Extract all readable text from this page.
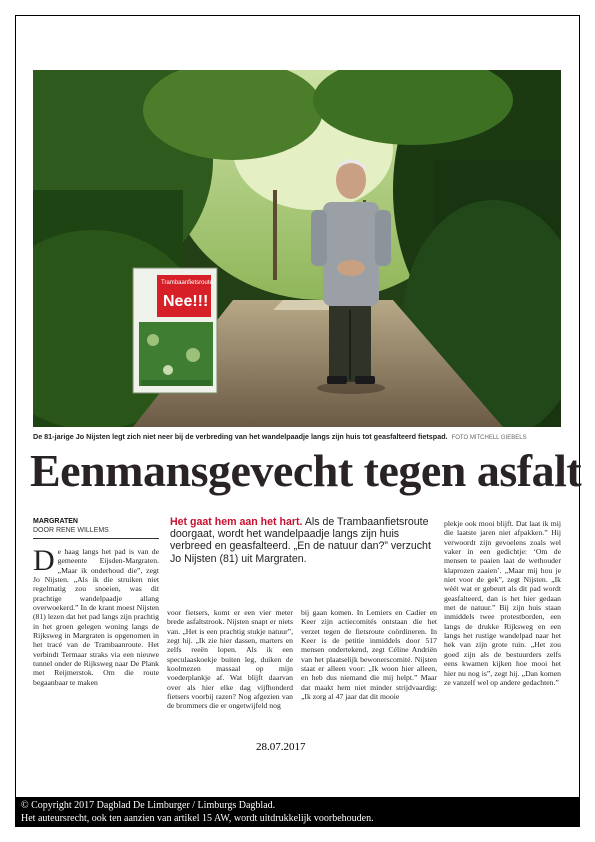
Trambaanfietsroute
Nee!!!
De 81-jarige Jo Nijsten legt zich niet neer bij de verbreding van het wandelpaadje langs zijn huis tot geasfalteerd fietspad. FOTO MITCHELL GIEBELS
Eenmansgevecht tegen asfalt
MARGRATEN
DOOR RENE WILLEMS
Het gaat hem aan het hart. Als de Trambaanfietsroute doorgaat, wordt het wandelpaadje langs zijn huis verbreed en geasfalteerd. „En de natuur dan?” verzucht Jo Nijsten (81) uit Margraten.
De haag langs het pad is van de gemeente Eijsden-Margraten. „Maar ik onderhoud die”, zegt Jo Nijsten. „Als ik die struiken niet regelmatig zou snoeien, was dit prachtige wandelpaadje allang overwoekerd.” In de krant moest Nijsten (81) lezen dat het pad langs zijn prachtig in het groen gelegen woning langs de Rijksweg in Margraten is opgenomen in het tracé van de Trambaanroute. Het verbindt Termaar straks via een nieuwe tunnel onder de Rijksweg naar De Plank met Reijmerstok. Om die route begaanbaar te maken
voor fietsers, komt er een vier meter brede asfaltstrook. Nijsten snapt er niets van. „Het is een prachtig stukje natuur”, zegt hij. „Ik zie hier dassen, marters en zelfs reeën lopen. Als ik een speculaaskoekje buiten leg, duiken de koolmezen massaal op mijn voederplankje af. Wat blijft daarvan over als hier elke dag vijfhonderd fietsers voorbij razen? Nog afgezien van de brommers die er ongetwijfeld nog
bij gaan komen. In Lemiers en Cadier en Keer zijn actiecomités ontstaan die het verzet tegen de fietsroute coördineren. In Keer is de petitie inmiddels door 517 mensen ondertekend, zegt Céline Andriën van het plaatselijk bewonerscomité. Nijsten staat er alleen voor: „Ik woon hier alleen, en heb dus niemand die mij helpt.” Maar dat maakt hem niet minder strijdvaardig: „Ik zorg al 47 jaar dat dit mooie
plekje ook mooi blijft. Dat laat ik mij die laatste jaren niet afpakken.” Hij verwoordt zijn gevoelens zoals wel vaker in een gedichtje: ‘Om de mensen te paaien laat de wethouder klaprozen zaaien’. „Maar mij hou je niet voor de gek”, zegt Nijsten. „Ik wéét wat er gebeurt als dit pad wordt geasfalteerd, dan is het hier gedaan met de natuur.” Bij zijn huis staan inmiddels twee protestborden, een langs de drukke Rijksweg en een langs het rustige wandelpad naar het hek van zijn grote tuin. „Het zou goed zijn als de bestuurders zelfs eens kwamen kijken hoe mooi het hier nu nog is”, zegt hij. „Dan komen ze vanzelf wel op andere gedachten.”
28.07.2017
© Copyright 2017 Dagblad De Limburger / Limburgs Dagblad.
Het auteursrecht, ook ten aanzien van artikel 15 AW, wordt uitdrukkelijk voorbehouden.
